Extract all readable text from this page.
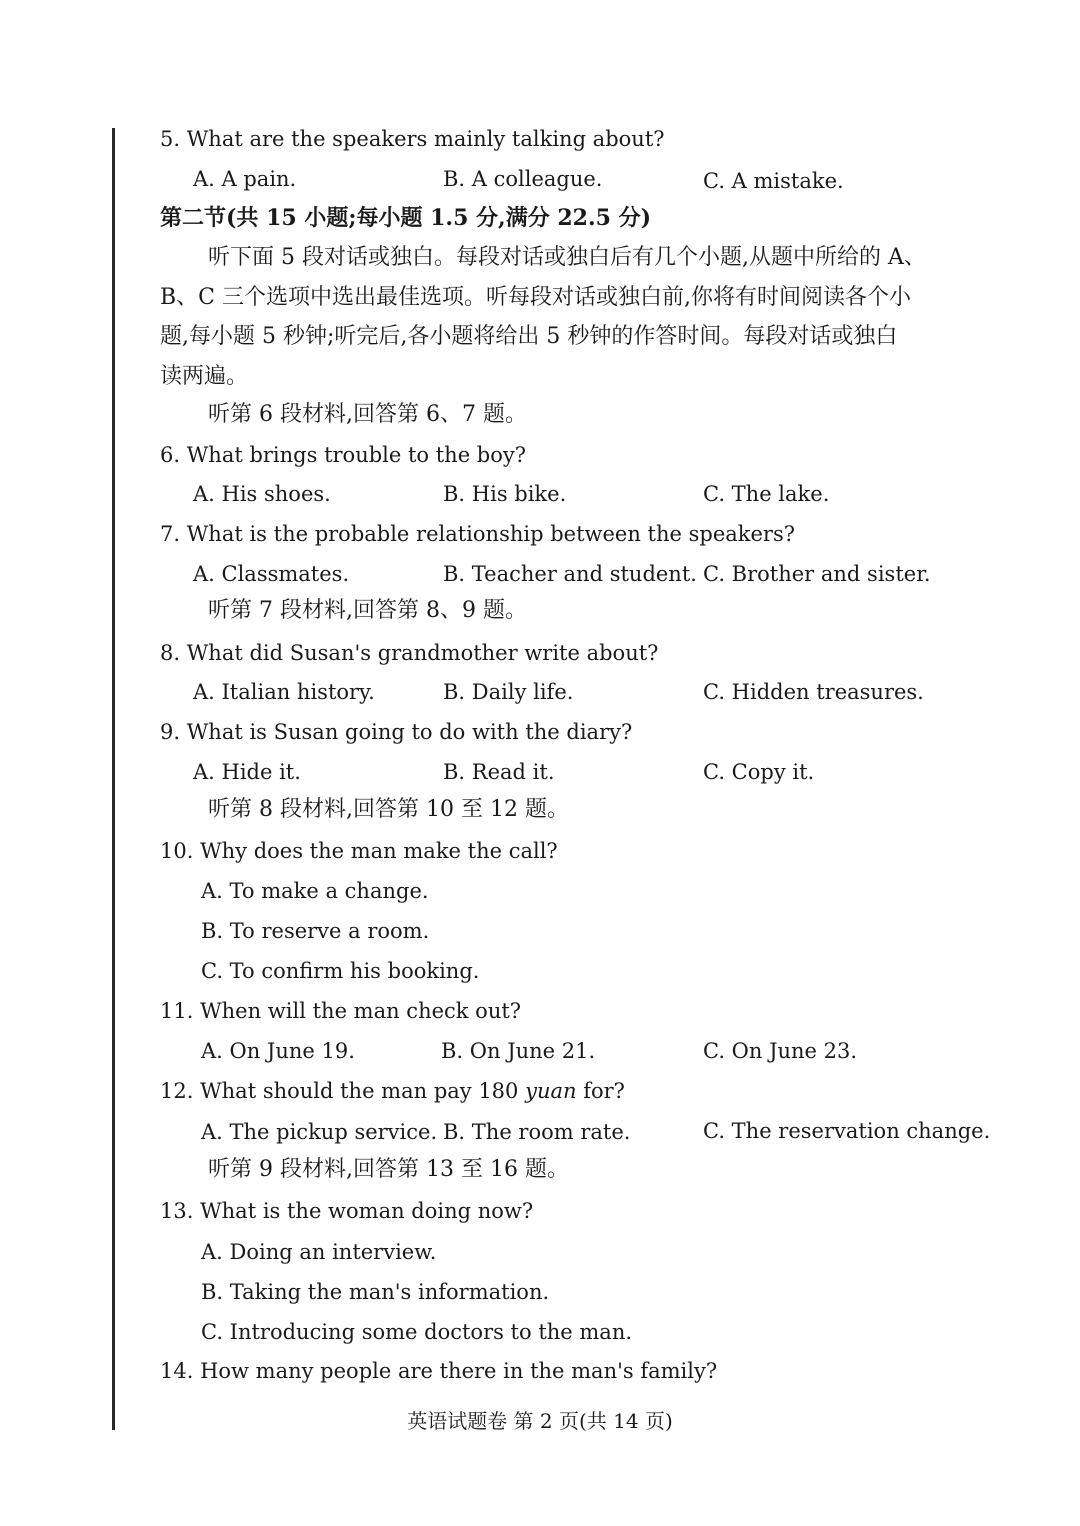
5. What are the speakers mainly talking about?
A. A pain.	B. A colleague.	C. A mistake.
第二节(共 15 小题;每小题 1.5 分,满分 22.5 分)
听下面 5 段对话或独白。每段对话或独白后有几个小题,从题中所给的 A、
B、C 三个选项中选出最佳选项。听每段对话或独白前,你将有时间阅读各个小
题,每小题 5 秒钟;听完后,各小题将给出 5 秒钟的作答时间。每段对话或独白
读两遍。
听第 6 段材料,回答第 6、7 题。
6. What brings trouble to the boy?
A. His shoes.	B. His bike.	C. The lake.
7. What is the probable relationship between the speakers?
A. Classmates.	B. Teacher and student. C. Brother and sister.
听第 7 段材料,回答第 8、9 题。
8. What did Susan's grandmother write about?
A. Italian history.	B. Daily life.	C. Hidden treasures.
9. What is Susan going to do with the diary?
A. Hide it.	B. Read it.	C. Copy it.
听第 8 段材料,回答第 10 至 12 题。
10. Why does the man make the call?
A. To make a change.
B. To reserve a room.
C. To confirm his booking.
11. When will the man check out?
A. On June 19.	B. On June 21.	C. On June 23.
12. What should the man pay 180 yuan for?
A. The pickup service. B. The room rate.	C. The reservation change.
听第 9 段材料,回答第 13 至 16 题。
13. What is the woman doing now?
A. Doing an interview.
B. Taking the man's information.
C. Introducing some doctors to the man.
14. How many people are there in the man's family?
英语试题卷 第 2 页(共 14 页)
